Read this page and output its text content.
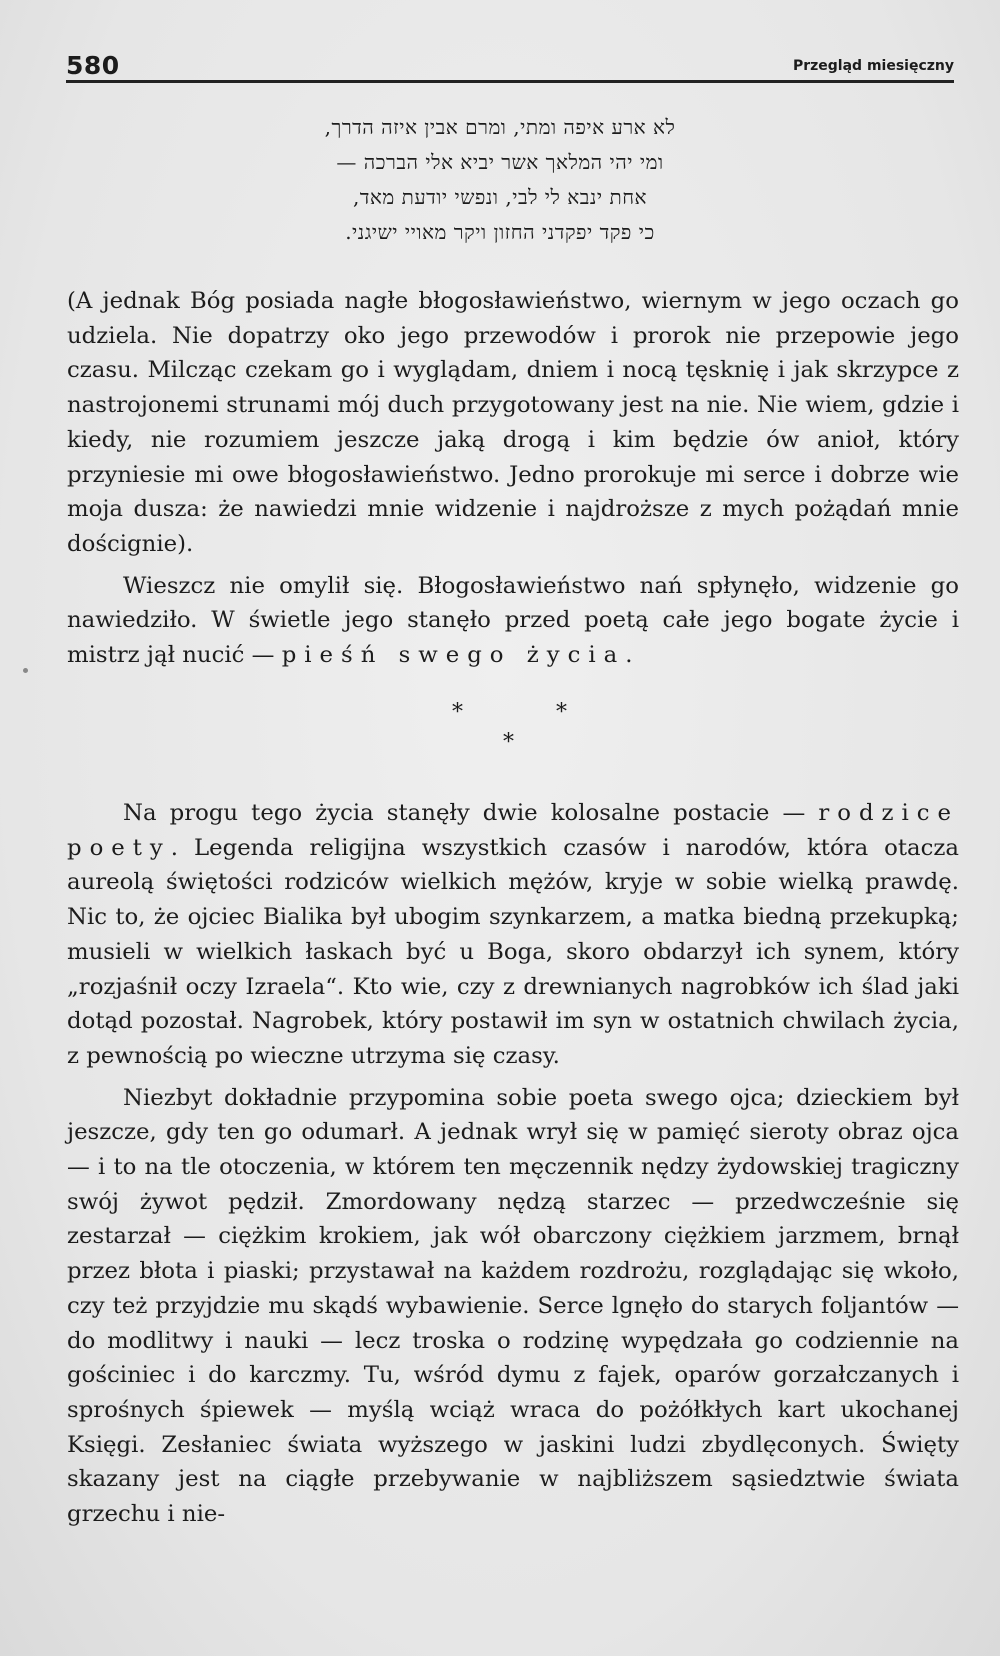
580	Przegląd miesięczny
לא ארע איפה ומתי, ומרם אבין איזה הדרך,
ומי יהי המלאך אשר יביא אלי הברכה —
אחת ינבא לי לבי, ונפשי יודעת מאד,
כי פקד יפקדני החזון ויקר מאויי ישיגני.

(A jednak Bóg posiada nagłe błogosławieństwo, wiernym w jego oczach go udziela. Nie dopatrzy oko jego przewodów i prorok nie przepowie jego czasu. Milcząc czekam go i wyglądam, dniem i nocą tęsknię i jak skrzypce z nastrojonemi strunami mój duch przygotowany jest na nie. Nie wiem, gdzie i kiedy, nie rozumiem jeszcze jaką drogą i kim będzie ów anioł, który przyniesie mi owe błogosławieństwo. Jedno prorokuje mi serce i dobrze wie moja dusza: że nawiedzi mnie widzenie i najdroższe z mych pożądań mnie doścignie).

Wieszcz nie omylił się. Błogosławieństwo nań spłynęło, widzenie go nawiedziło. W świetle jego stanęło przed poetą całe jego bogate życie i mistrz jął nucić — pieśń swego życia.

*	*
*

Na progu tego życia stanęły dwie kolosalne postacie — rodzice poety. Legenda religijna wszystkich czasów i narodów, która otacza aureolą świętości rodziców wielkich mężów, kryje w sobie wielką prawdę. Nic to, że ojciec Bialika był ubogim szynkarzem, a matka biedną przekupką; musieli w wielkich łaskach być u Boga, skoro obdarzył ich synem, który „rozjaśnił oczy Izraela“. Kto wie, czy z drewnianych nagrobków ich ślad jaki dotąd pozostał. Nagrobek, który postawił im syn w ostatnich chwilach życia, z pewnością po wieczne utrzyma się czasy.

Niezbyt dokładnie przypomina sobie poeta swego ojca; dzieckiem był jeszcze, gdy ten go odumarł. A jednak wrył się w pamięć sieroty obraz ojca — i to na tle otoczenia, w którem ten męczennik nędzy żydowskiej tragiczny swój żywot pędził. Zmordowany nędzą starzec — przedwcześnie się zestarzał — ciężkim krokiem, jak wół obarczony ciężkiem jarzmem, brnął przez błota i piaski; przystawał na każdem rozdrożu, rozglądając się wkoło, czy też przyjdzie mu skądś wybawienie. Serce lgnęło do starych foljantów — do modlitwy i nauki — lecz troska o rodzinę wypędzała go codziennie na gościniec i do karczmy. Tu, wśród dymu z fajek, oparów gorzałczanych i sprośnych śpiewek — myślą wciąż wraca do pożółkłych kart ukochanej Księgi. Zesłaniec świata wyższego w jaskini ludzi zbydlęconych. Święty skazany jest na ciągłe przebywanie w najbliższem sąsiedztwie świata grzechu i nie-
